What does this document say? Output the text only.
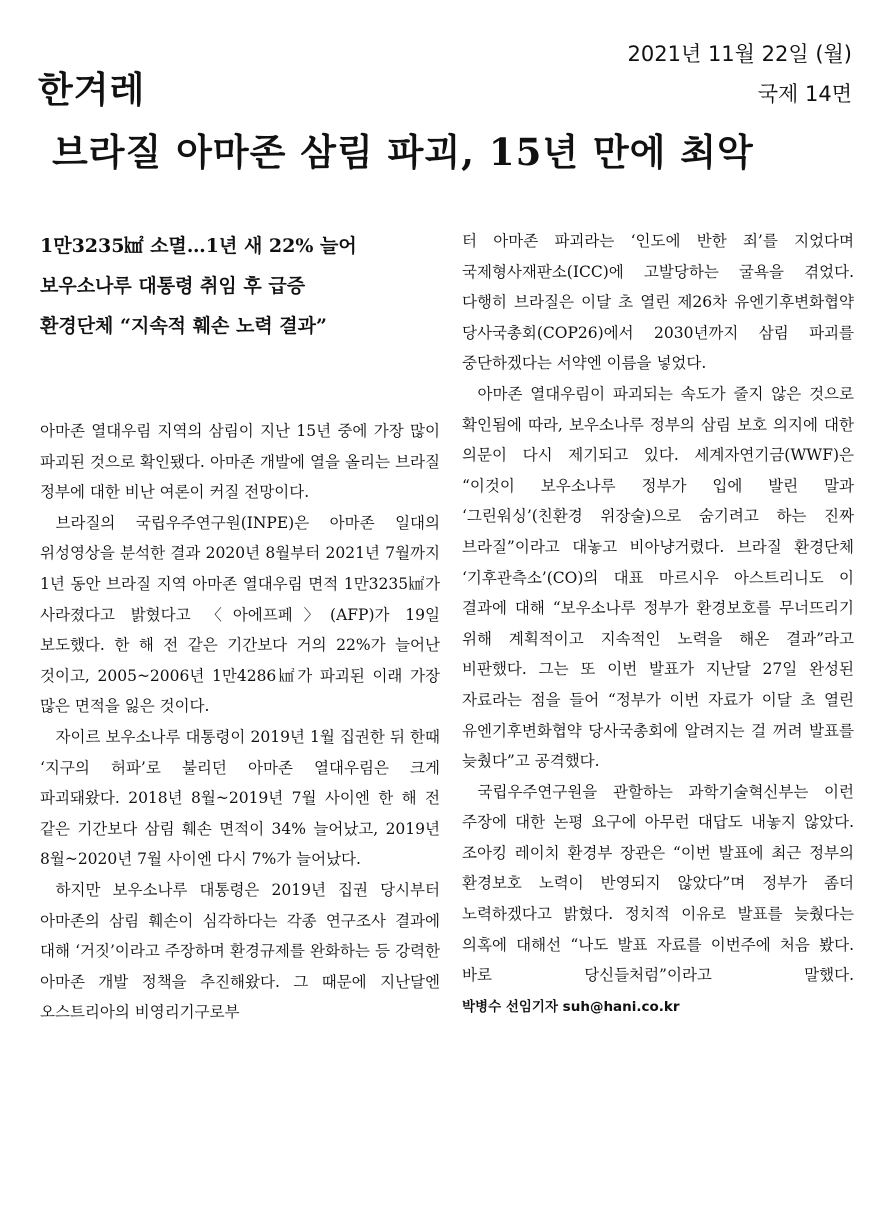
한겨레
2021년 11월 22일 (월)
국제 14면
브라질 아마존 삼림 파괴, 15년 만에 최악
1만3235㎢ 소멸…1년 새 22% 늘어
보우소나루 대통령 취임 후 급증
환경단체 “지속적 훼손 노력 결과”

아마존 열대우림 지역의 삼림이 지난 15년 중에 가장 많이 파괴된 것으로 확인됐다. 아마존 개발에 열을 올리는 브라질 정부에 대한 비난 여론이 커질 전망이다.

브라질의 국립우주연구원(INPE)은 아마존 일대의 위성영상을 분석한 결과 2020년 8월부터 2021년 7월까지 1년 동안 브라질 지역 아마존 열대우림 면적 1만3235㎢가 사라졌다고 밝혔다고 〈아에프페〉(AFP)가 19일 보도했다. 한 해 전 같은 기간보다 거의 22%가 늘어난 것이고, 2005~2006년 1만4286㎢가 파괴된 이래 가장 많은 면적을 잃은 것이다.

자이르 보우소나루 대통령이 2019년 1월 집권한 뒤 한때 ‘지구의 허파’로 불리던 아마존 열대우림은 크게 파괴돼왔다. 2018년 8월~2019년 7월 사이엔 한 해 전 같은 기간보다 삼림 훼손 면적이 34% 늘어났고, 2019년 8월~2020년 7월 사이엔 다시 7%가 늘어났다.

하지만 보우소나루 대통령은 2019년 집권 당시부터 아마존의 삼림 훼손이 심각하다는 각종 연구조사 결과에 대해 ‘거짓’이라고 주장하며 환경규제를 완화하는 등 강력한 아마존 개발 정책을 추진해왔다. 그 때문에 지난달엔 오스트리아의 비영리기구로부

터 아마존 파괴라는 ‘인도에 반한 죄’를 지었다며 국제형사재판소(ICC)에 고발당하는 굴욕을 겪었다. 다행히 브라질은 이달 초 열린 제26차 유엔기후변화협약 당사국총회(COP26)에서 2030년까지 삼림 파괴를 중단하겠다는 서약엔 이름을 넣었다.

아마존 열대우림이 파괴되는 속도가 줄지 않은 것으로 확인됨에 따라, 보우소나루 정부의 삼림 보호 의지에 대한 의문이 다시 제기되고 있다. 세계자연기금(WWF)은 “이것이 보우소나루 정부가 입에 발린 말과 ‘그린워싱’(친환경 위장술)으로 숨기려고 하는 진짜 브라질”이라고 대놓고 비아냥거렸다. 브라질 환경단체 ‘기후관측소’(CO)의 대표 마르시우 아스트리니도 이 결과에 대해 “보우소나루 정부가 환경보호를 무너뜨리기 위해 계획적이고 지속적인 노력을 해온 결과”라고 비판했다. 그는 또 이번 발표가 지난달 27일 완성된 자료라는 점을 들어 “정부가 이번 자료가 이달 초 열린 유엔기후변화협약 당사국총회에 알려지는 걸 꺼려 발표를 늦췄다”고 공격했다.

국립우주연구원을 관할하는 과학기술혁신부는 이런 주장에 대한 논평 요구에 아무런 대답도 내놓지 않았다. 조아킹 레이치 환경부 장관은 “이번 발표에 최근 정부의 환경보호 노력이 반영되지 않았다”며 정부가 좀더 노력하겠다고 밝혔다. 정치적 이유로 발표를 늦췄다는 의혹에 대해선 “나도 발표 자료를 이번주에 처음 봤다. 바로 당신들처럼”이라고 말했다. 박병수 선임기자 suh@hani.co.kr
